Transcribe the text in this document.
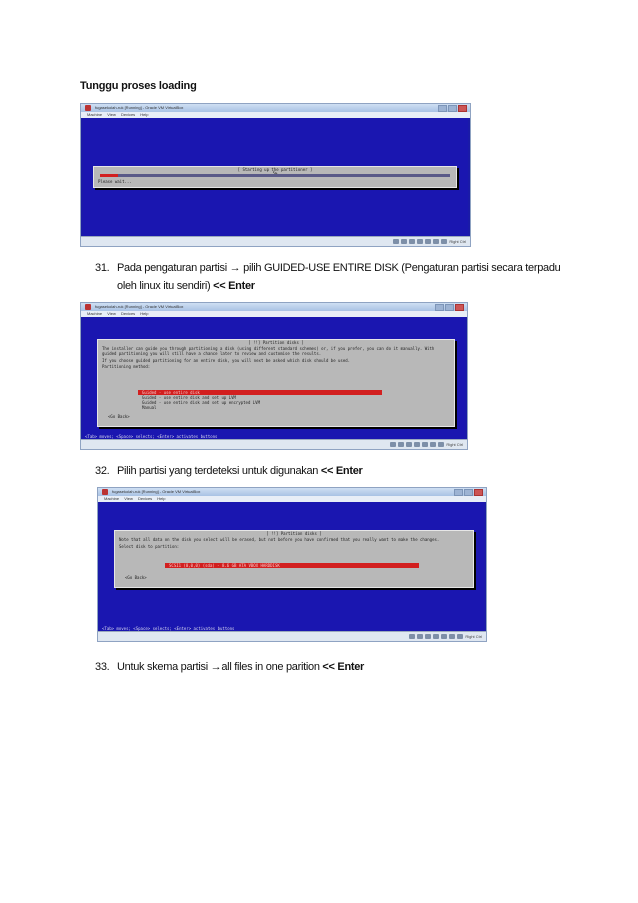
Tunggu proses loading
fugasekolah-ruk [Running] - Oracle VM VirtualBox
Machine View Devices Help
[ Starting up the partitioner ]
Please wait...
Right Ctrl
31. Pada pengaturan partisi → pilih GUIDED-USE ENTIRE DISK (Pengaturan partisi secara terpadu
oleh linux itu sendiri) << Enter
fugasekolah-ruk [Running] - Oracle VM VirtualBox
Machine View Devices Help
[ !!] Partition disks ]
The installer can guide you through partitioning a disk (using different standard schemes) or, if you prefer, you can do it manually. With guided partitioning you will still have a chance later to review and customise the results.
If you choose guided partitioning for an entire disk, you will next be asked which disk should be used.
Partitioning method:
Guided - use entire disk
Guided - use entire disk and set up LVM
Guided - use entire disk and set up encrypted LVM
Manual
<Go Back>
<Tab> moves; <Space> selects; <Enter> activates buttons
Right Ctrl
32. Pilih partisi yang terdeteksi untuk digunakan << Enter
fugasekolah-ruk [Running] - Oracle VM VirtualBox
Machine View Devices Help
[ !!] Partition disks ]
Note that all data on the disk you select will be erased, but not before you have confirmed that you really want to make the changes.
Select disk to partition:
SCSI1 (0,0,0) (sda) - 8.6 GB ATA VBOX HARDDISK
<Go Back>
<Tab> moves; <Space> selects; <Enter> activates buttons
Right Ctrl
33. Untuk skema partisi →all files in one parition << Enter
